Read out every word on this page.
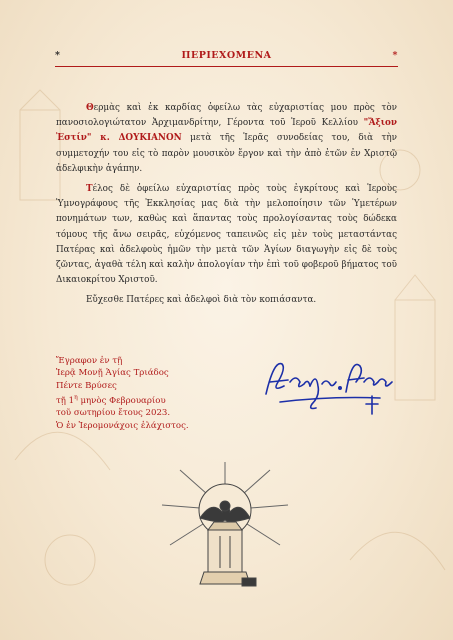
*	ΠΕΡΙΕΧΟΜΕΝΑ	*

Θερμὰς καὶ ἐκ καρδίας ὀφείλω τὰς εὐχαριστίας μου πρὸς τὸν πανοσιολογιώτατον Ἀρχιμανδρίτην, Γέροντα τοῦ Ἱεροῦ Κελλίου "Ἄξιον Ἐστίν" κ. ΔΟΥΚΙΑΝΟΝ μετὰ τῆς Ἱερᾶς συνοδείας του, διὰ τὴν συμμετοχήν του εἰς τὸ παρὸν μουσικὸν ἔργον καὶ τὴν ἀπὸ ἐτῶν ἐν Χριστῷ ἀδελφικὴν ἀγάπην.

Τέλος δὲ ὀφείλω εὐχαριστίας πρὸς τοὺς ἐγκρίτους καὶ Ἱεροὺς Ὑμνογράφους τῆς Ἐκκλησίας μας διὰ τὴν μελοποίησιν τῶν Ὑμετέρων πονημάτων των, καθὼς καὶ ἅπαντας τοὺς προλογίσαντας τοὺς δώδεκα τόμους τῆς ἄνω σειρᾶς, εὐχόμενος ταπεινῶς εἰς μὲν τοὺς μεταστάντας Πατέρας καὶ ἀδελφοὺς ἡμῶν τὴν μετὰ τῶν Ἁγίων διαγωγὴν εἰς δὲ τοὺς ζῶντας, ἀγαθὰ τέλη καὶ καλὴν ἀπολογίαν τὴν ἐπὶ τοῦ φοβεροῦ βήματος τοῦ Δικαιοκρίτου Χριστοῦ.

Εὔχεσθε Πατέρες καὶ ἀδελφοὶ διὰ τὸν κοπιάσαντα.

Ἔγραφον ἐν τῇ
Ἱερᾷ Μονῇ Ἁγίας Τριάδος
Πέντε Βρύσες
τῇ $1^\eta$ μηνὸς Φεβρουαρίου
τοῦ σωτηρίου ἔτους 2023.
Ὁ ἐν Ἱερομονάχοις ἐλάχιστος.
